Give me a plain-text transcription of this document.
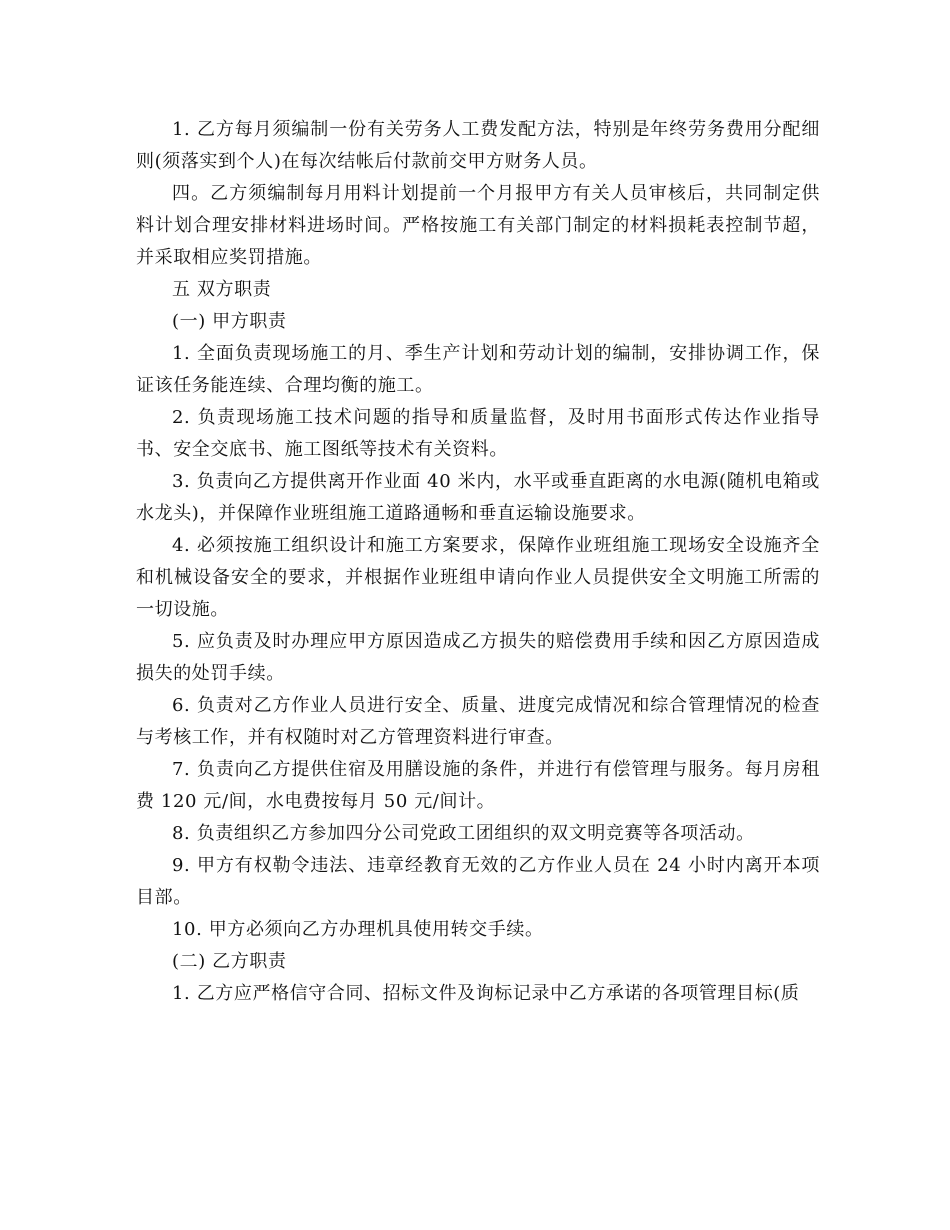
1. 乙方每月须编制一份有关劳务人工费发配方法，特别是年终劳务费用分配细则(须落实到个人)在每次结帐后付款前交甲方财务人员。

四。乙方须编制每月用料计划提前一个月报甲方有关人员审核后，共同制定供料计划合理安排材料进场时间。严格按施工有关部门制定的材料损耗表控制节超，并采取相应奖罚措施。

五 双方职责

(一) 甲方职责

1. 全面负责现场施工的月、季生产计划和劳动计划的编制，安排协调工作，保证该任务能连续、合理均衡的施工。

2. 负责现场施工技术问题的指导和质量监督，及时用书面形式传达作业指导书、安全交底书、施工图纸等技术有关资料。

3. 负责向乙方提供离开作业面 40 米内，水平或垂直距离的水电源(随机电箱或水龙头)，并保障作业班组施工道路通畅和垂直运输设施要求。

4. 必须按施工组织设计和施工方案要求，保障作业班组施工现场安全设施齐全和机械设备安全的要求，并根据作业班组申请向作业人员提供安全文明施工所需的一切设施。

5. 应负责及时办理应甲方原因造成乙方损失的赔偿费用手续和因乙方原因造成损失的处罚手续。

6. 负责对乙方作业人员进行安全、质量、进度完成情况和综合管理情况的检查与考核工作，并有权随时对乙方管理资料进行审查。

7. 负责向乙方提供住宿及用膳设施的条件，并进行有偿管理与服务。每月房租费 120 元/间，水电费按每月 50 元/间计。

8. 负责组织乙方参加四分公司党政工团组织的双文明竞赛等各项活动。

9. 甲方有权勒令违法、违章经教育无效的乙方作业人员在 24 小时内离开本项目部。

10. 甲方必须向乙方办理机具使用转交手续。

(二) 乙方职责

1. 乙方应严格信守合同、招标文件及询标记录中乙方承诺的各项管理目标(质
